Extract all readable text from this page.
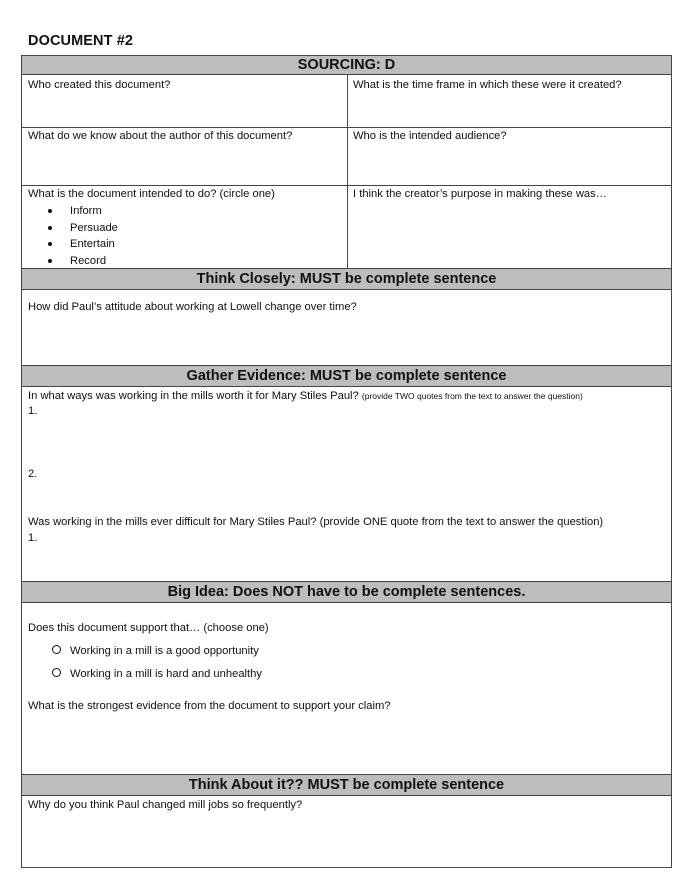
DOCUMENT #2
SOURCING: D
Who created this document?	What is the time frame in which these were it created?
What do we know about the author of this document?	Who is the intended audience?
What is the document intended to do? (circle one)	I think the creator’s purpose in making these was…
Inform
Persuade
Entertain
Record
Think Closely: MUST be complete sentence
How did Paul’s attitude about working at Lowell change over time?
Gather Evidence: MUST be complete sentence
In what ways was working in the mills worth it for Mary Stiles Paul? (provide TWO quotes from the text to answer the question)
1.
2.
Was working in the mills ever difficult for Mary Stiles Paul? (provide ONE quote from the text to answer the question)
1.
Big Idea: Does NOT have to be complete sentences.
Does this document support that… (choose one)
Working in a mill is a good opportunity
Working in a mill is hard and unhealthy
What is the strongest evidence from the document to support your claim?
Think About it?? MUST be complete sentence
Why do you think Paul changed mill jobs so frequently?
